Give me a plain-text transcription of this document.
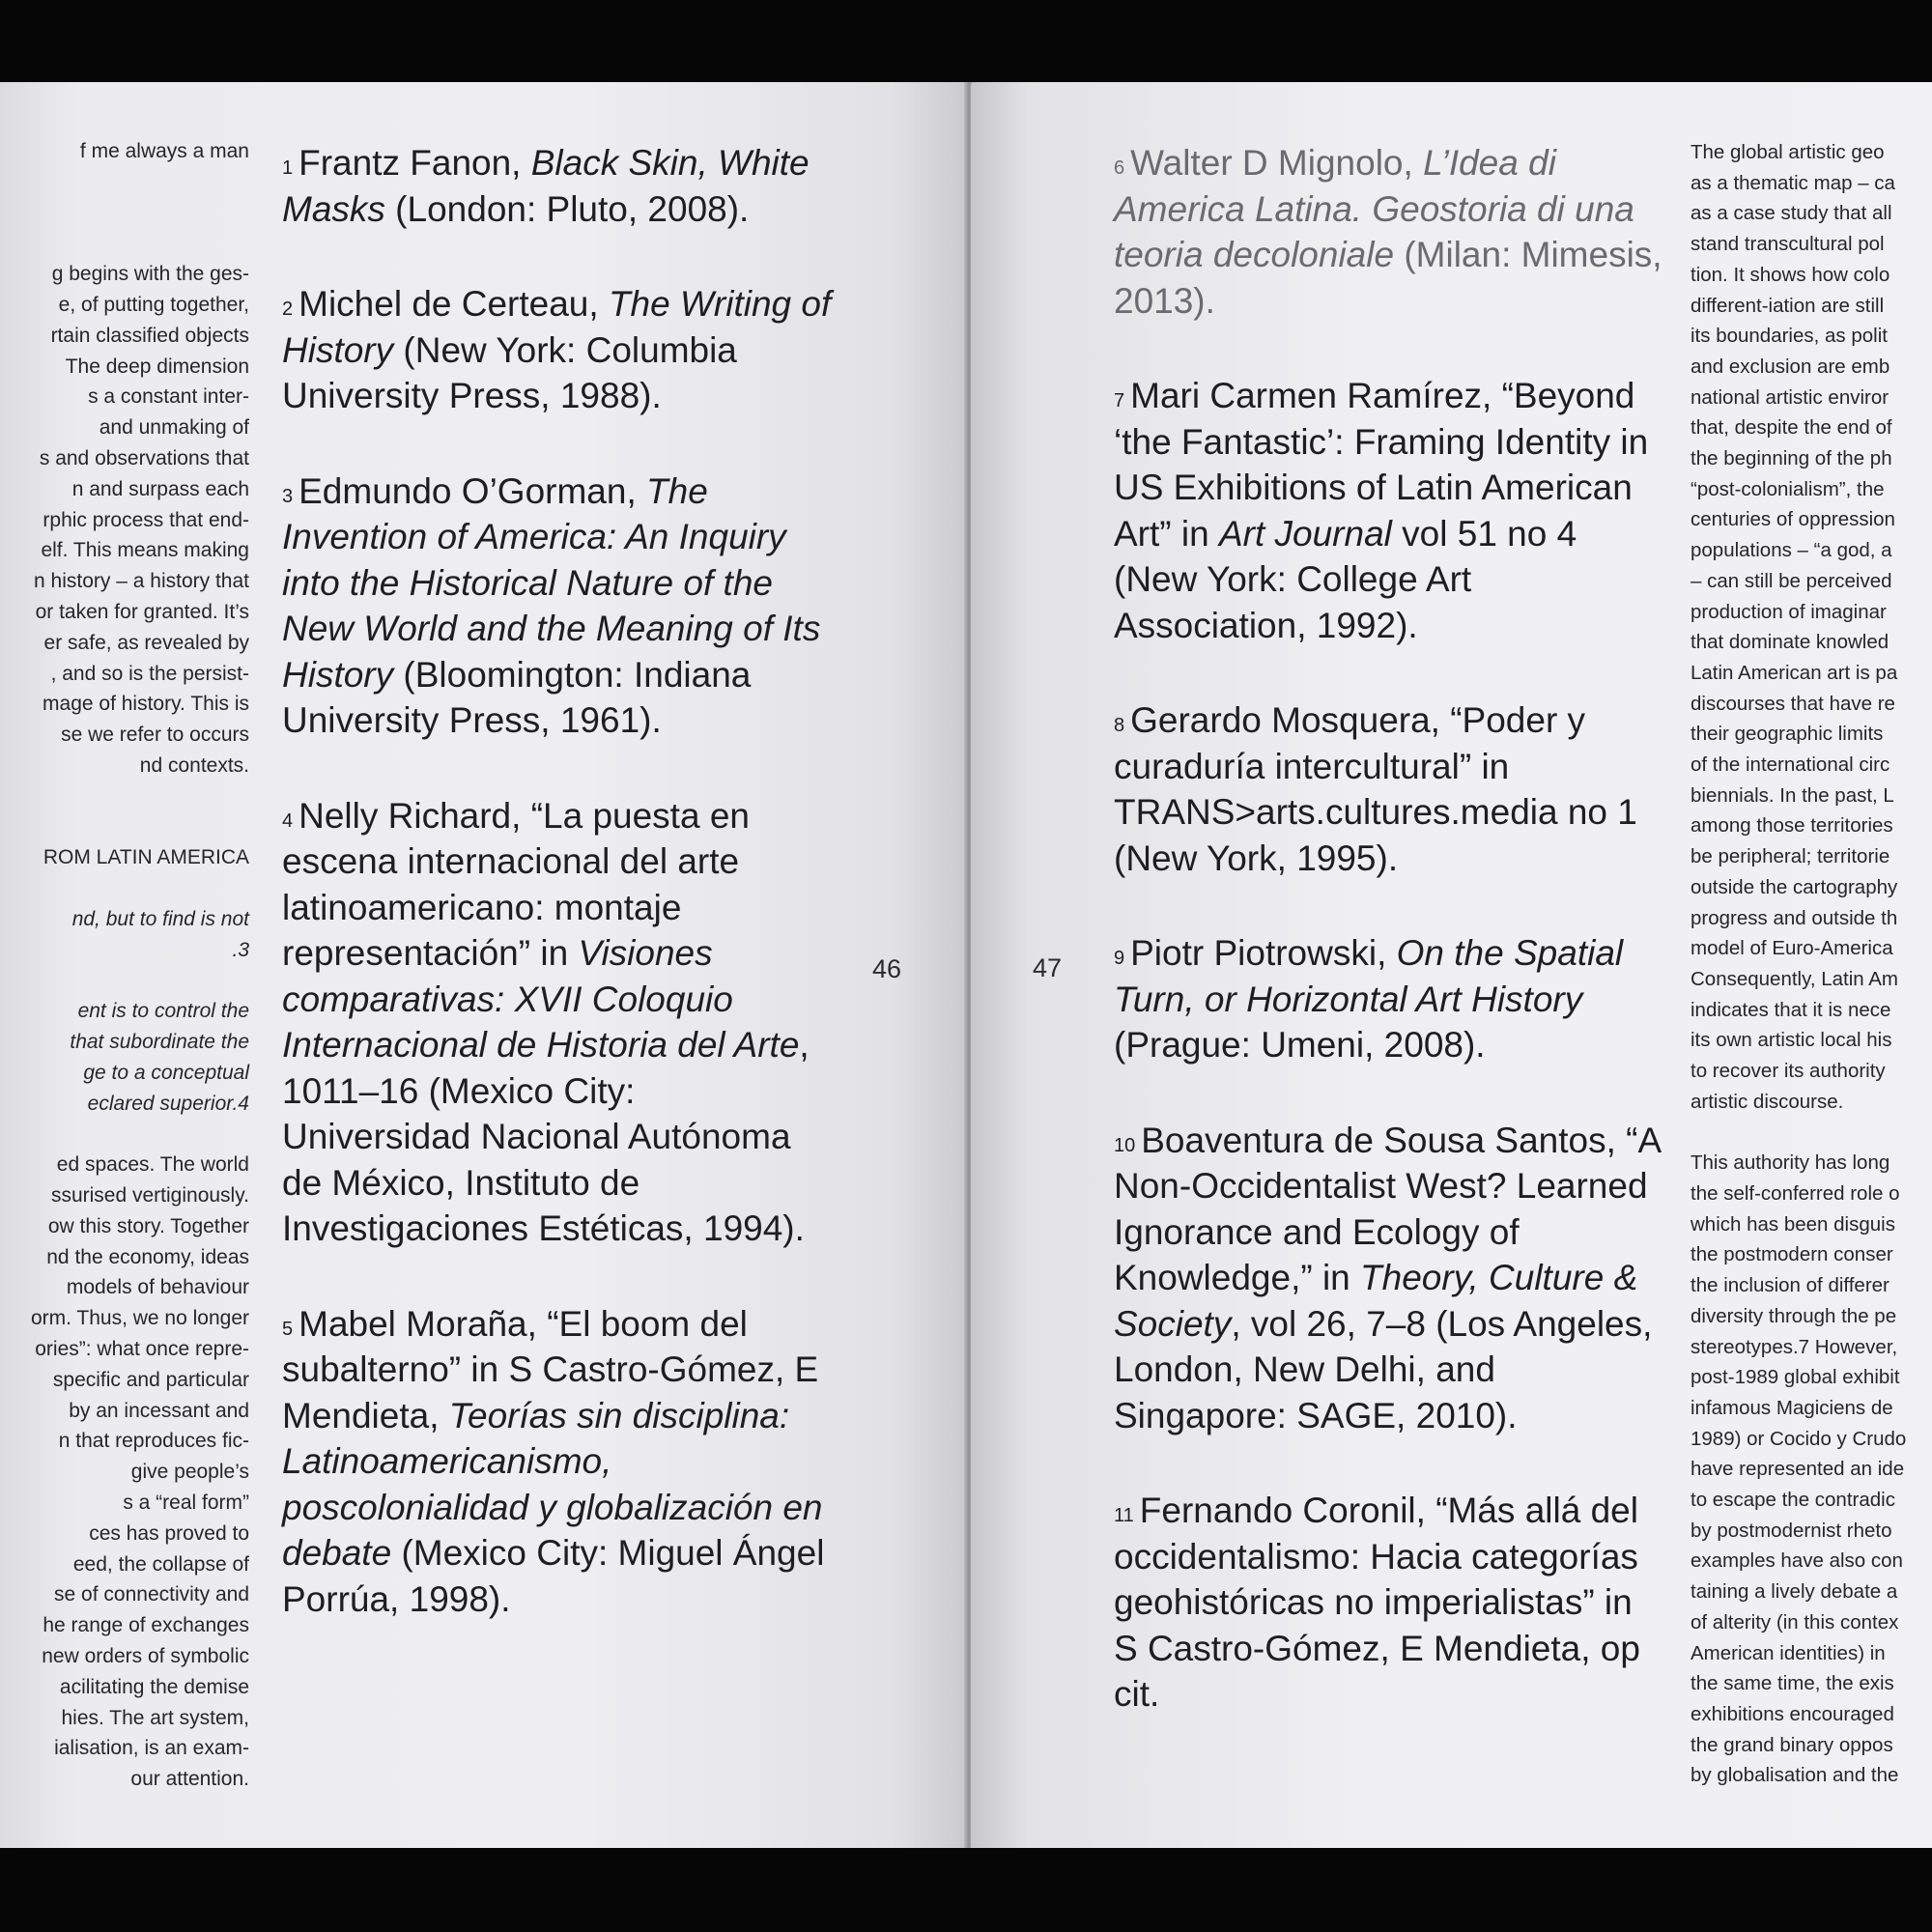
f me always a man

g begins with the ges-

e, of putting together,

rtain classified objects

The deep dimension

s a constant inter-

and unmaking of

s and observations that

n and surpass each

rphic process that end-

elf. This means making

n history – a history that

or taken for granted. It’s

er safe, as revealed by

, and so is the persist-

mage of history. This is

se we refer to occurs

nd contexts.

ROM LATIN AMERICA

nd, but to find is not

.3

ent is to control the

that subordinate the

ge to a conceptual

eclared superior.4

ed spaces. The world

ssurised vertiginously.

ow this story. Together

nd the economy, ideas

models of behaviour

orm. Thus, we no longer

ories”: what once repre-

specific and particular

by an incessant and

n that reproduces fic-

give people’s

s a “real form”

ces has proved to

eed, the collapse of

se of connectivity and

he range of exchanges

new orders of symbolic

acilitating the demise

hies. The art system,

ialisation, is an exam-

our attention.

$^1$ Frantz Fanon, Black Skin, White Masks (London: Pluto, 2008).

$^2$ Michel de Certeau, The Writing of History (New York: Columbia University Press, 1988).

$^3$ Edmundo O’Gorman, The Invention of America: An Inquiry into the Historical Nature of the New World and the Meaning of Its History (Bloomington: Indiana University Press, 1961).

$^4$ Nelly Richard, “La puesta en escena internacional del arte latinoamericano: montaje representación” in Visiones comparativas: XVII Coloquio Internacional de Historia del Arte, 1011–16 (Mexico City: Universidad Nacional Autónoma de México, Instituto de Investigaciones Estéticas, 1994).

$^5$ Mabel Moraña, “El boom del subalterno” in S Castro-Gómez, E Mendieta, Teorías sin disciplina: Latinoamericanismo, poscolonialidad y globalización en debate (Mexico City: Miguel Ángel Porrúa, 1998).

46	47

$^6$ Walter D Mignolo, L’Idea di America Latina. Geostoria di una teoria decoloniale (Milan: Mimesis, 2013).

$^7$ Mari Carmen Ramírez, “Beyond ‘the Fantastic’: Framing Identity in US Exhibitions of Latin American Art” in Art Journal vol 51 no 4 (New York: College Art Association, 1992).

$^8$ Gerardo Mosquera, “Poder y curaduría intercultural” in TRANS>arts.cultures.media no 1 (New York, 1995).

$^9$ Piotr Piotrowski, On the Spatial Turn, or Horizontal Art History (Prague: Umeni, 2008).

$^{10}$ Boaventura de Sousa Santos, “A Non-Occidentalist West? Learned Ignorance and Ecology of Knowledge,” in Theory, Culture & Society, vol 26, 7–8 (Los Angeles, London, New Delhi, and Singapore: SAGE, 2010).

$^{11}$ Fernando Coronil, “Más allá del occidentalismo: Hacia categorías geohistóricas no imperialistas” in S Castro-Gómez, E Mendieta, op cit.

The global artistic geo

as a thematic map – ca

as a case study that all

stand transcultural pol

tion. It shows how colo

different-iation are still

its boundaries, as polit

and exclusion are emb

national artistic enviror

that, despite the end of

the beginning of the ph

“post-colonialism”, the

centuries of oppression

populations – “a god, a

– can still be perceived

production of imaginar

that dominate knowled

Latin American art is pa

discourses that have re

their geographic limits

of the international circ

biennials. In the past, L

among those territories

be peripheral; territorie

outside the cartography

progress and outside th

model of Euro-America

Consequently, Latin Am

indicates that it is nece

its own artistic local his

to recover its authority

artistic discourse.

This authority has long

the self-conferred role o

which has been disguis

the postmodern conser

the inclusion of differer

diversity through the pe

stereotypes.7 However,

post-1989 global exhibit

infamous Magiciens de

1989) or Cocido y Crudo

have represented an ide

to escape the contradic

by postmodernist rheto

examples have also con

taining a lively debate a

of alterity (in this contex

American identities) in

the same time, the exis

exhibitions encouraged

the grand binary oppos

by globalisation and the
